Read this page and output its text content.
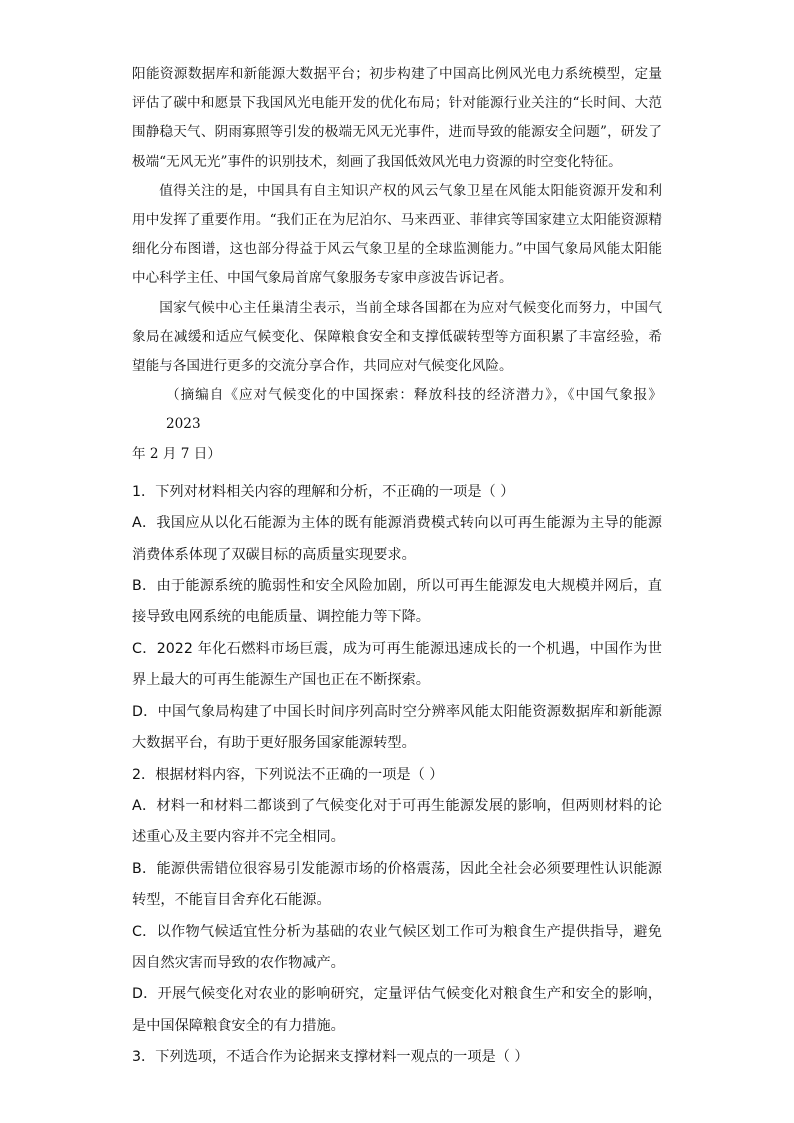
阳能资源数据库和新能源大数据平台；初步构建了中国高比例风光电力系统模型，定量评估了碳中和愿景下我国风光电能开发的优化布局；针对能源行业关注的“长时间、大范围静稳天气、阴雨寡照等引发的极端无风无光事件，进而导致的能源安全问题”，研发了极端“无风无光”事件的识别技术，刻画了我国低效风光电力资源的时空变化特征。

值得关注的是，中国具有自主知识产权的风云气象卫星在风能太阳能资源开发和利用中发挥了重要作用。“我们正在为尼泊尔、马来西亚、菲律宾等国家建立太阳能资源精细化分布图谱，这也部分得益于风云气象卫星的全球监测能力。”中国气象局风能太阳能中心科学主任、中国气象局首席气象服务专家申彦波告诉记者。

国家气候中心主任巢清尘表示，当前全球各国都在为应对气候变化而努力，中国气象局在减缓和适应气候变化、保障粮食安全和支撑低碳转型等方面积累了丰富经验，希望能与各国进行更多的交流分享合作，共同应对气候变化风险。

（摘编自《应对气候变化的中国探索：释放科技的经济潜力》，《中国气象报》2023

年 2 月 7 日）

1．下列对材料相关内容的理解和分析，不正确的一项是（ ）

A．我国应从以化石能源为主体的既有能源消费模式转向以可再生能源为主导的能源消费体系体现了双碳目标的高质量实现要求。

B．由于能源系统的脆弱性和安全风险加剧，所以可再生能源发电大规模并网后，直接导致电网系统的电能质量、调控能力等下降。

C．2022 年化石燃料市场巨震，成为可再生能源迅速成长的一个机遇，中国作为世界上最大的可再生能源生产国也正在不断探索。

D．中国气象局构建了中国长时间序列高时空分辨率风能太阳能资源数据库和新能源大数据平台，有助于更好服务国家能源转型。

2．根据材料内容，下列说法不正确的一项是（ ）

A．材料一和材料二都谈到了气候变化对于可再生能源发展的影响，但两则材料的论述重心及主要内容并不完全相同。

B．能源供需错位很容易引发能源市场的价格震荡，因此全社会必须要理性认识能源转型，不能盲目舍弃化石能源。

C．以作物气候适宜性分析为基础的农业气候区划工作可为粮食生产提供指导，避免因自然灾害而导致的农作物减产。

D．开展气候变化对农业的影响研究，定量评估气候变化对粮食生产和安全的影响，是中国保障粮食安全的有力措施。

3．下列选项，不适合作为论据来支撑材料一观点的一项是（ ）
